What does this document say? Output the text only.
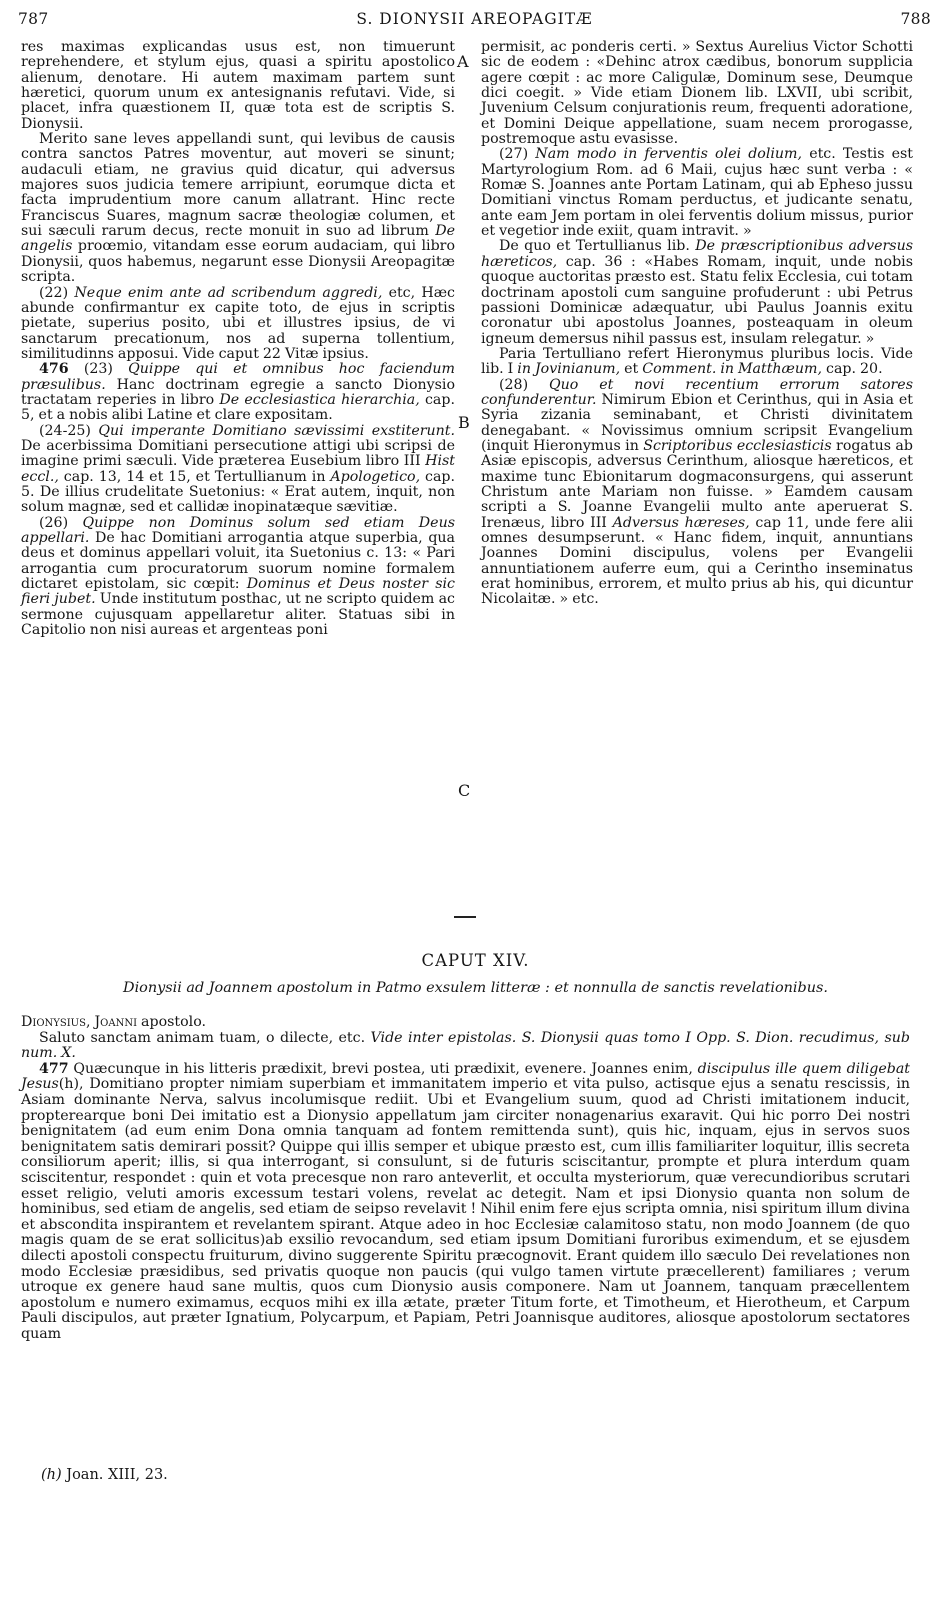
787	S. DIONYSII AREOPAGITÆ	788
A
B
C

res maximas explicandas usus est, non timuerunt reprehendere, et stylum ejus, quasi a spiritu apostolico alienum, denotare. Hi autem maximam partem sunt hæretici, quorum unum ex antesignanis refutavi. Vide, si placet, infra quæstionem II, quæ tota est de scriptis S. Dionysii.

Merito sane leves appellandi sunt, qui levibus de causis contra sanctos Patres moventur, aut moveri se sinunt; audaculi etiam, ne gravius quid dicatur, qui adversus majores suos judicia temere arripiunt, eorumque dicta et facta imprudentium more canum allatrant. Hinc recte Franciscus Suares, magnum sacræ theologiæ columen, et sui sæculi rarum decus, recte monuit in suo ad librum De angelis proœmio, vitandam esse eorum audaciam, qui libro Dionysii, quos habemus, negarunt esse Dionysii Areopagitæ scripta.

(22) Neque enim ante ad scribendum aggredi, etc, Hæc abunde confirmantur ex capite toto, de ejus in scriptis pietate, superius posito, ubi et illustres ipsius, de vi sanctarum precationum, nos ad superna tollentium, similitudinns apposui. Vide caput 22 Vitæ ipsius.

476 (23) Quippe qui et omnibus hoc faciendum præsulibus. Hanc doctrinam egregie a sancto Dionysio tractatam reperies in libro De ecclesiastica hierarchia, cap. 5, et a nobis alibi Latine et clare expositam.

(24-25) Qui imperante Domitiano sævissimi exstiterunt. De acerbissima Domitiani persecutione attigi ubi scripsi de imagine primi sæculi. Vide præterea Eusebium libro III Hist eccl., cap. 13, 14 et 15, et Tertullianum in Apologetico, cap. 5. De illius crudelitate Suetonius: « Erat autem, inquit, non solum magnæ, sed et callidæ inopinatæque sævitiæ.

(26) Quippe non Dominus solum sed etiam Deus appellari. De hac Domitiani arrogantia atque superbia, qua deus et dominus appellari voluit, ita Suetonius c. 13: « Pari arrogantia cum procuratorum suorum nomine formalem dictaret epistolam, sic cœpit: Dominus et Deus noster sic fieri jubet. Unde institutum posthac, ut ne scripto quidem ac sermone cujusquam appellaretur aliter. Statuas sibi in Capitolio non nisi aureas et argenteas poni

permisit, ac ponderis certi. » Sextus Aurelius Victor Schotti sic de eodem : «Dehinc atrox cædibus, bonorum supplicia agere cœpit : ac more Caligulæ, Dominum sese, Deumque dici coegit. » Vide etiam Dionem lib. LXVII, ubi scribit, Juvenium Celsum conjurationis reum, frequenti adoratione, et Domini Deique appellatione, suam necem prorogasse, postremoque astu evasisse.

(27) Nam modo in ferventis olei dolium, etc. Testis est Martyrologium Rom. ad 6 Maii, cujus hæc sunt verba : « Romæ S. Joannes ante Portam Latinam, qui ab Epheso jussu Domitiani vinctus Romam perductus, et judicante senatu, ante eam Jem portam in olei ferventis dolium missus, purior et vegetior inde exiit, quam intravit. »

De quo et Tertullianus lib. De præscriptionibus adversus hæreticos, cap. 36 : «Habes Romam, inquit, unde nobis quoque auctoritas præsto est. Statu felix Ecclesia, cui totam doctrinam apostoli cum sanguine profuderunt : ubi Petrus passioni Dominicæ adæquatur, ubi Paulus Joannis exitu coronatur ubi apostolus Joannes, posteaquam in oleum igneum demersus nihil passus est, insulam relegatur. »

Paria Tertulliano refert Hieronymus pluribus locis. Vide lib. I in Jovinianum, et Comment. in Matthæum, cap. 20.

(28) Quo et novi recentium errorum satores confunderentur. Nimirum Ebion et Cerinthus, qui in Asia et Syria zizania seminabant, et Christi divinitatem denegabant. « Novissimus omnium scripsit Evangelium (inquit Hieronymus in Scriptoribus ecclesiasticis rogatus ab Asiæ episcopis, adversus Cerinthum, aliosque hæreticos, et maxime tunc Ebionitarum dogmaconsurgens, qui asserunt Christum ante Mariam non fuisse. » Eamdem causam scripti a S. Joanne Evangelii multo ante aperuerat S. Irenæus, libro III Adversus hæreses, cap 11, unde fere alii omnes desumpserunt. « Hanc fidem, inquit, annuntians Joannes Domini discipulus, volens per Evangelii annuntiationem auferre eum, qui a Cerintho inseminatus erat hominibus, errorem, et multo prius ab his, qui dicuntur Nicolaitæ. » etc.

CAPUT XIV.
Dionysii ad Joannem apostolum in Patmo exsulem litteræ : et nonnulla de sanctis revelationibus.

Dionysius, Joanni apostolo.

Saluto sanctam animam tuam, o dilecte, etc. Vide inter epistolas. S. Dionysii quas tomo I Opp. S. Dion. recudimus, sub num. X.

477 Quæcunque in his litteris prædixit, brevi postea, uti prædixit, evenere. Joannes enim, discipulus ille quem diligebat Jesus(h), Domitiano propter nimiam superbiam et immanitatem imperio et vita pulso, actisque ejus a senatu rescissis, in Asiam dominante Nerva, salvus incolumisque rediit. Ubi et Evangelium suum, quod ad Christi imitationem inducit, propterearque boni Dei imitatio est a Dionysio appellatum jam circiter nonagenarius exaravit. Qui hic porro Dei nostri benignitatem (ad eum enim Dona omnia tanquam ad fontem remittenda sunt), quis hic, inquam, ejus in servos suos benignitatem satis demirari possit? Quippe qui illis semper et ubique præsto est, cum illis familiariter loquitur, illis secreta consiliorum aperit; illis, si qua interrogant, si consulunt, si de futuris sciscitantur, prompte et plura interdum quam sciscitentur, respondet : quin et vota precesque non raro anteverlit, et occulta mysteriorum, quæ verecundioribus scrutari esset religio, veluti amoris excessum testari volens, revelat ac detegit. Nam et ipsi Dionysio quanta non solum de hominibus, sed etiam de angelis, sed etiam de seipso revelavit ! Nihil enim fere ejus scripta omnia, nisi spiritum illum divina et abscondita inspirantem et revelantem spirant. Atque adeo in hoc Ecclesiæ calamitoso statu, non modo Joannem (de quo magis quam de se erat sollicitus)ab exsilio revocandum, sed etiam ipsum Domitiani furoribus eximendum, et se ejusdem dilecti apostoli conspectu fruiturum, divino suggerente Spiritu præcognovit. Erant quidem illo sæculo Dei revelationes non modo Ecclesiæ præsidibus, sed privatis quoque non paucis (qui vulgo tamen virtute præcellerent) familiares ; verum utroque ex genere haud sane multis, quos cum Dionysio ausis componere. Nam ut Joannem, tanquam præcellentem apostolum e numero eximamus, ecquos mihi ex illa ætate, præter Titum forte, et Timotheum, et Hierotheum, et Carpum Pauli discipulos, aut præter Ignatium, Polycarpum, et Papiam, Petri Joannisque auditores, aliosque apostolorum sectatores quam

(h) Joan. XIII, 23.
